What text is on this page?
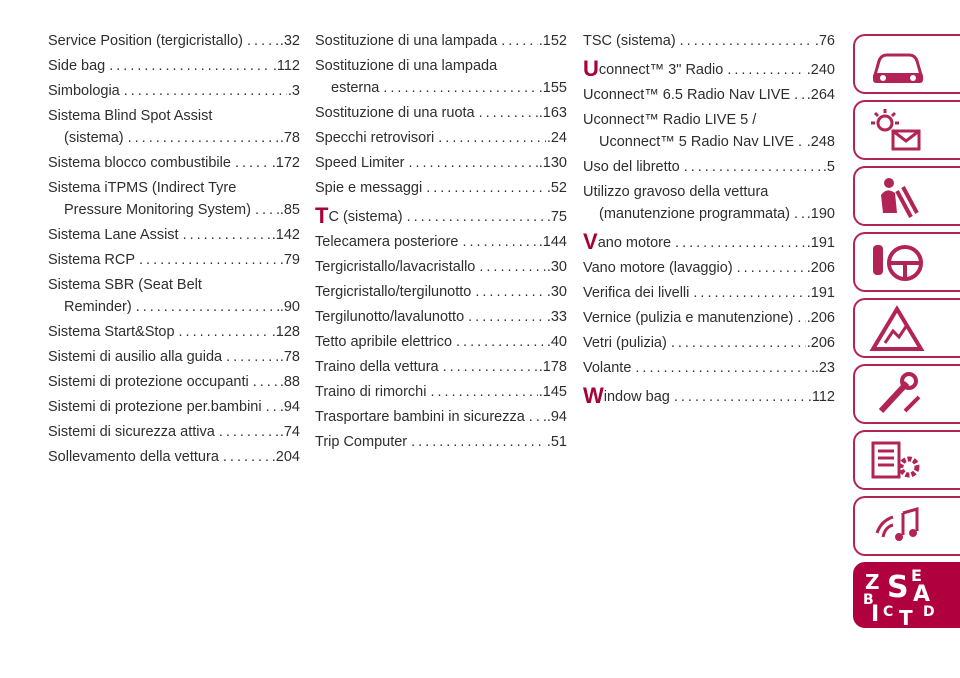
Service Position (tergicristallo) .....	.32
Side bag .....	.112
Simbologia .....	.3
Sistema Blind Spot Assist
(sistema) .....	.78
Sistema blocco combustibile .....	.172
Sistema iTPMS (Indirect Tyre
Pressure Monitoring System) ..... .85
Sistema Lane Assist .....	.142
Sistema RCP .....	.79
Sistema SBR (Seat Belt
Reminder) .....	.90
Sistema Start&Stop .....	.128
Sistemi di ausilio alla guida .....	.78
Sistemi di protezione occupanti ..... .88
Sistemi di protezione per.bambini ..... .94
Sistemi di sicurezza attiva .....	.74
Sollevamento della vettura .....	.204
Sostituzione di una lampada .....	.152
Sostituzione di una lampada
esterna .....	.155
Sostituzione di una ruota .....	.163
Specchi retrovisori .....	.24
Speed Limiter .....	.130
Spie e messaggi .....	.52
TC (sistema) .....	.75
Telecamera posteriore .....	.144
Tergicristallo/lavacristallo .....	.30
Tergicristallo/tergilunotto .....	.30
Tergilunotto/lavalunotto .....	.33
Tetto apribile elettrico .....	.40
Traino della vettura .....	.178
Traino di rimorchi .....	.145
Trasportare bambini in sicurezza ..... .94
Trip Computer .....	.51
TSC (sistema) .....	.76
Uconnect™ 3" Radio .....	.240
Uconnect™ 6.5 Radio Nav LIVE ..... .264
Uconnect™ Radio LIVE 5 /
Uconnect™ 5 Radio Nav LIVE ..... .248
Uso del libretto .....	.5
Utilizzo gravoso della vettura
(manutenzione programmata) ..... .190
Vano motore .....	.191
Vano motore (lavaggio) .....	.206
Verifica dei livelli .....	.191
Vernice (pulizia e manutenzione) ..... .206
Vetri (pulizia) .....	.206
Volante .....	.23
Window bag .....	.112
Z E
A
B S
C D
I T
